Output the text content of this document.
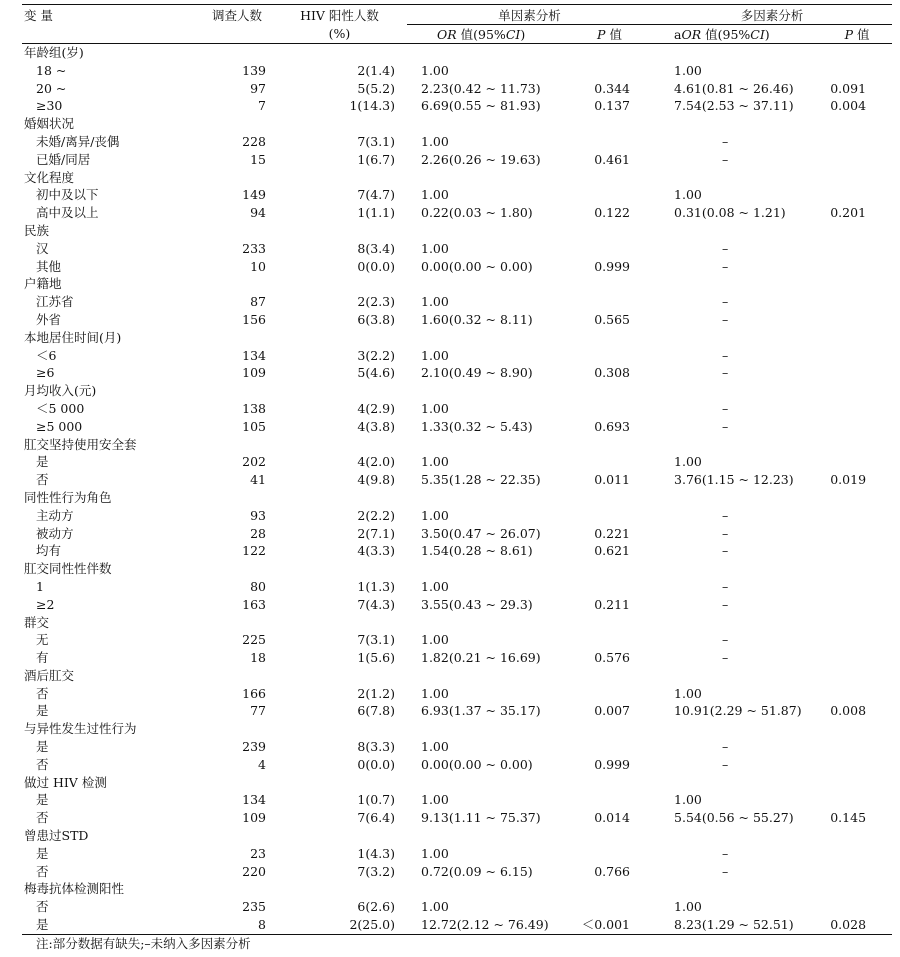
变 量	调查人数	HIV 阳性人数	单因素分析		多因素分析	
		(%)	OR 值(95%CI)	P 值	aOR 值(95%CI)	P 值
年龄组(岁)						
18 ~	139	2(1.4)	1.00		1.00	
20 ~	97	5(5.2)	2.23(0.42 ~ 11.73)	0.344	4.61(0.81 ~ 26.46)	0.091
≥30	7	1(14.3)	6.69(0.55 ~ 81.93)	0.137	7.54(2.53 ~ 37.11)	0.004
婚姻状况						
未婚/离异/丧偶	228	7(3.1)	1.00		–	
已婚/同居	15	1(6.7)	2.26(0.26 ~ 19.63)	0.461	–	
文化程度						
初中及以下	149	7(4.7)	1.00		1.00	
高中及以上	94	1(1.1)	0.22(0.03 ~ 1.80)	0.122	0.31(0.08 ~ 1.21)	0.201
民族						
汉	233	8(3.4)	1.00		–	
其他	10	0(0.0)	0.00(0.00 ~ 0.00)	0.999	–	
户籍地						
江苏省	87	2(2.3)	1.00		–	
外省	156	6(3.8)	1.60(0.32 ~ 8.11)	0.565	–	
本地居住时间(月)						
＜6	134	3(2.2)	1.00		–	
≥6	109	5(4.6)	2.10(0.49 ~ 8.90)	0.308	–	
月均收入(元)						
＜5 000	138	4(2.9)	1.00		–	
≥5 000	105	4(3.8)	1.33(0.32 ~ 5.43)	0.693	–	
肛交坚持使用安全套						
是	202	4(2.0)	1.00		1.00	
否	41	4(9.8)	5.35(1.28 ~ 22.35)	0.011	3.76(1.15 ~ 12.23)	0.019
同性性行为角色						
主动方	93	2(2.2)	1.00		–	
被动方	28	2(7.1)	3.50(0.47 ~ 26.07)	0.221	–	
均有	122	4(3.3)	1.54(0.28 ~ 8.61)	0.621	–	
肛交同性性伴数						
1	80	1(1.3)	1.00		–	
≥2	163	7(4.3)	3.55(0.43 ~ 29.3)	0.211	–	
群交						
无	225	7(3.1)	1.00		–	
有	18	1(5.6)	1.82(0.21 ~ 16.69)	0.576	–	
酒后肛交						
否	166	2(1.2)	1.00		1.00	
是	77	6(7.8)	6.93(1.37 ~ 35.17)	0.007	10.91(2.29 ~ 51.87)	0.008
与异性发生过性行为						
是	239	8(3.3)	1.00		–	
否	4	0(0.0)	0.00(0.00 ~ 0.00)	0.999	–	
做过 HIV 检测						
是	134	1(0.7)	1.00		1.00	
否	109	7(6.4)	9.13(1.11 ~ 75.37)	0.014	5.54(0.56 ~ 55.27)	0.145
曾患过STD						
是	23	1(4.3)	1.00		–	
否	220	7(3.2)	0.72(0.09 ~ 6.15)	0.766	–	
梅毒抗体检测阳性						
否	235	6(2.6)	1.00		1.00	
是	8	2(25.0)	12.72(2.12 ~ 76.49)	＜0.001	8.23(1.29 ~ 52.51)	0.028
注:部分数据有缺失;–未纳入多因素分析
